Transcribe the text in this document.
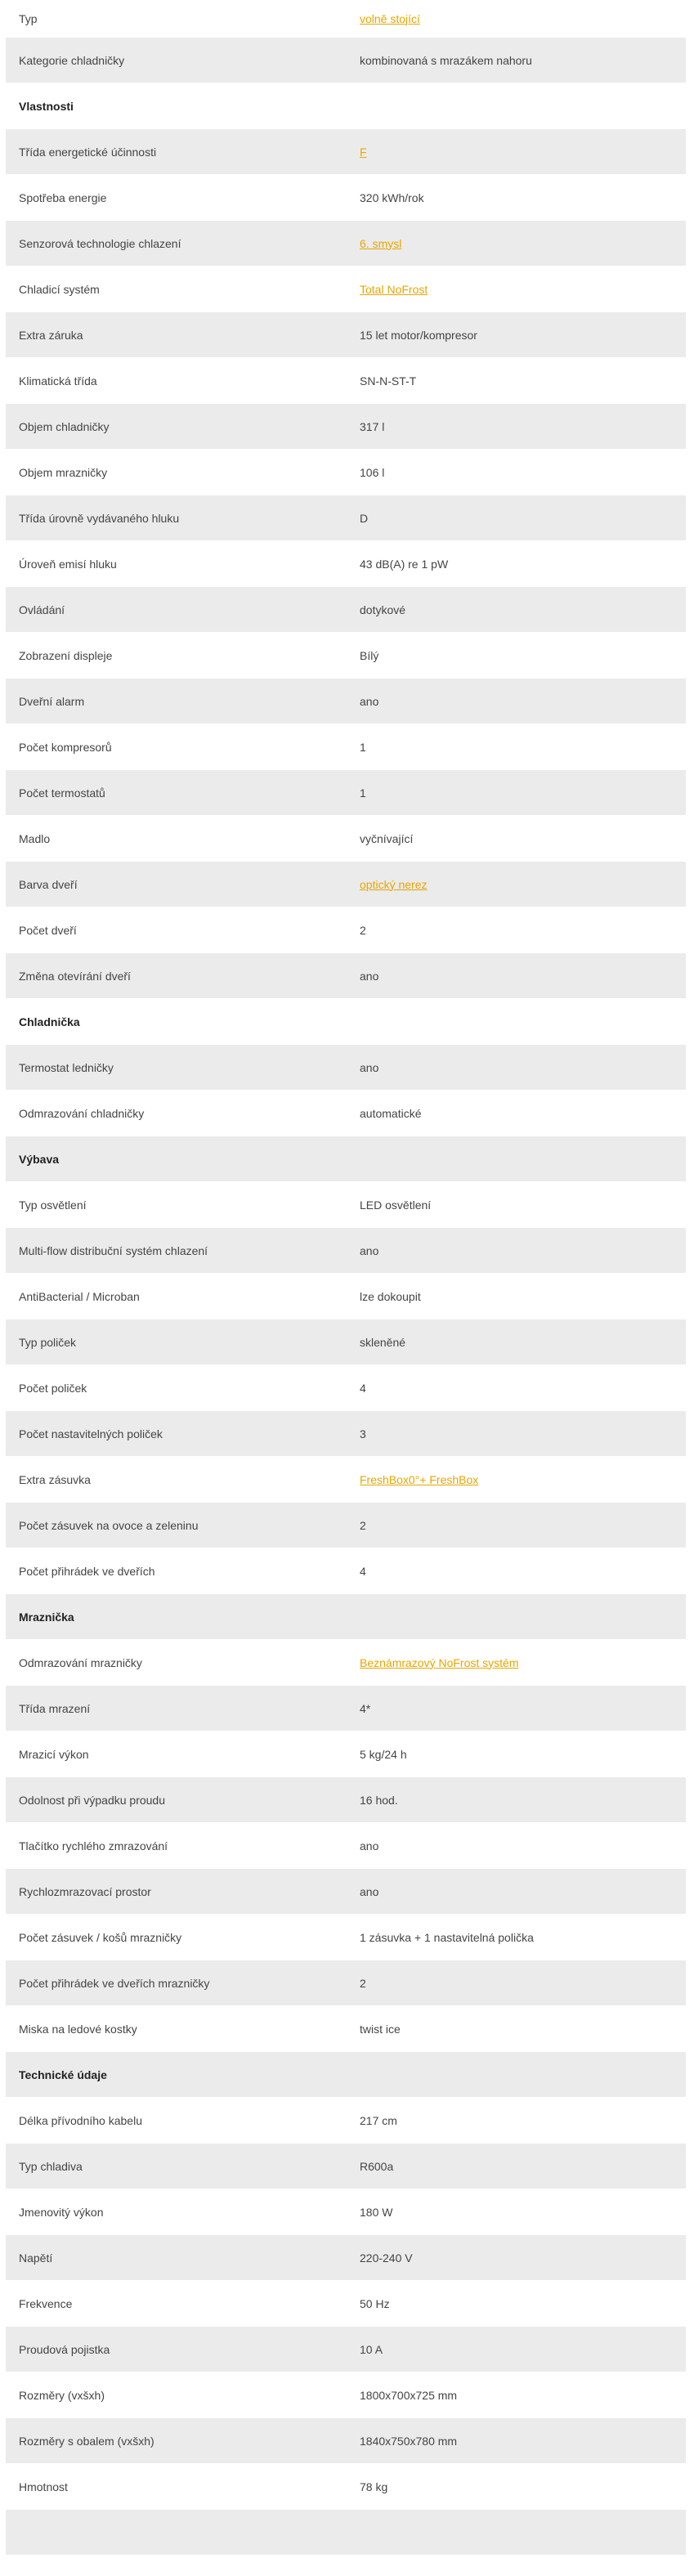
Typ	volně stojící
Kategorie chladničky	kombinovaná s mrazákem nahoru
Vlastnosti
Třída energetické účinnosti	F
Spotřeba energie	320 kWh/rok
Senzorová technologie chlazení	6. smysl
Chladicí systém	Total NoFrost
Extra záruka	15 let motor/kompresor
Klimatická třída	SN-N-ST-T
Objem chladničky	317 l
Objem mrazničky	106 l
Třída úrovně vydávaného hluku	D
Úroveň emisí hluku	43 dB(A) re 1 pW
Ovládání	dotykové
Zobrazení displeje	Bílý
Dveřní alarm	ano
Počet kompresorů	1
Počet termostatů	1
Madlo	vyčnívající
Barva dveří	optický nerez
Počet dveří	2
Změna otevírání dveří	ano
Chladnička
Termostat ledničky	ano
Odmrazování chladničky	automatické
Výbava
Typ osvětlení	LED osvětlení
Multi-flow distribuční systém chlazení	ano
AntiBacterial / Microban	lze dokoupit
Typ poliček	skleněné
Počet poliček	4
Počet nastavitelných poliček	3
Extra zásuvka	FreshBox0°+ FreshBox
Počet zásuvek na ovoce a zeleninu	2
Počet přihrádek ve dveřích	4
Mraznička
Odmrazování mrazničky	Beznámrazový NoFrost systém
Třída mrazení	4*
Mrazicí výkon	5 kg/24 h
Odolnost při výpadku proudu	16 hod.
Tlačítko rychlého zmrazování	ano
Rychlozmrazovací prostor	ano
Počet zásuvek / košů mrazničky	1 zásuvka + 1 nastavitelná polička
Počet přihrádek ve dveřích mrazničky	2
Miska na ledové kostky	twist ice
Technické údaje
Délka přívodního kabelu	217 cm
Typ chladiva	R600a
Jmenovitý výkon	180 W
Napětí	220-240 V
Frekvence	50 Hz
Proudová pojistka	10 A
Rozměry (vxšxh)	1800x700x725 mm
Rozměry s obalem (vxšxh)	1840x750x780 mm
Hmotnost	78 kg
